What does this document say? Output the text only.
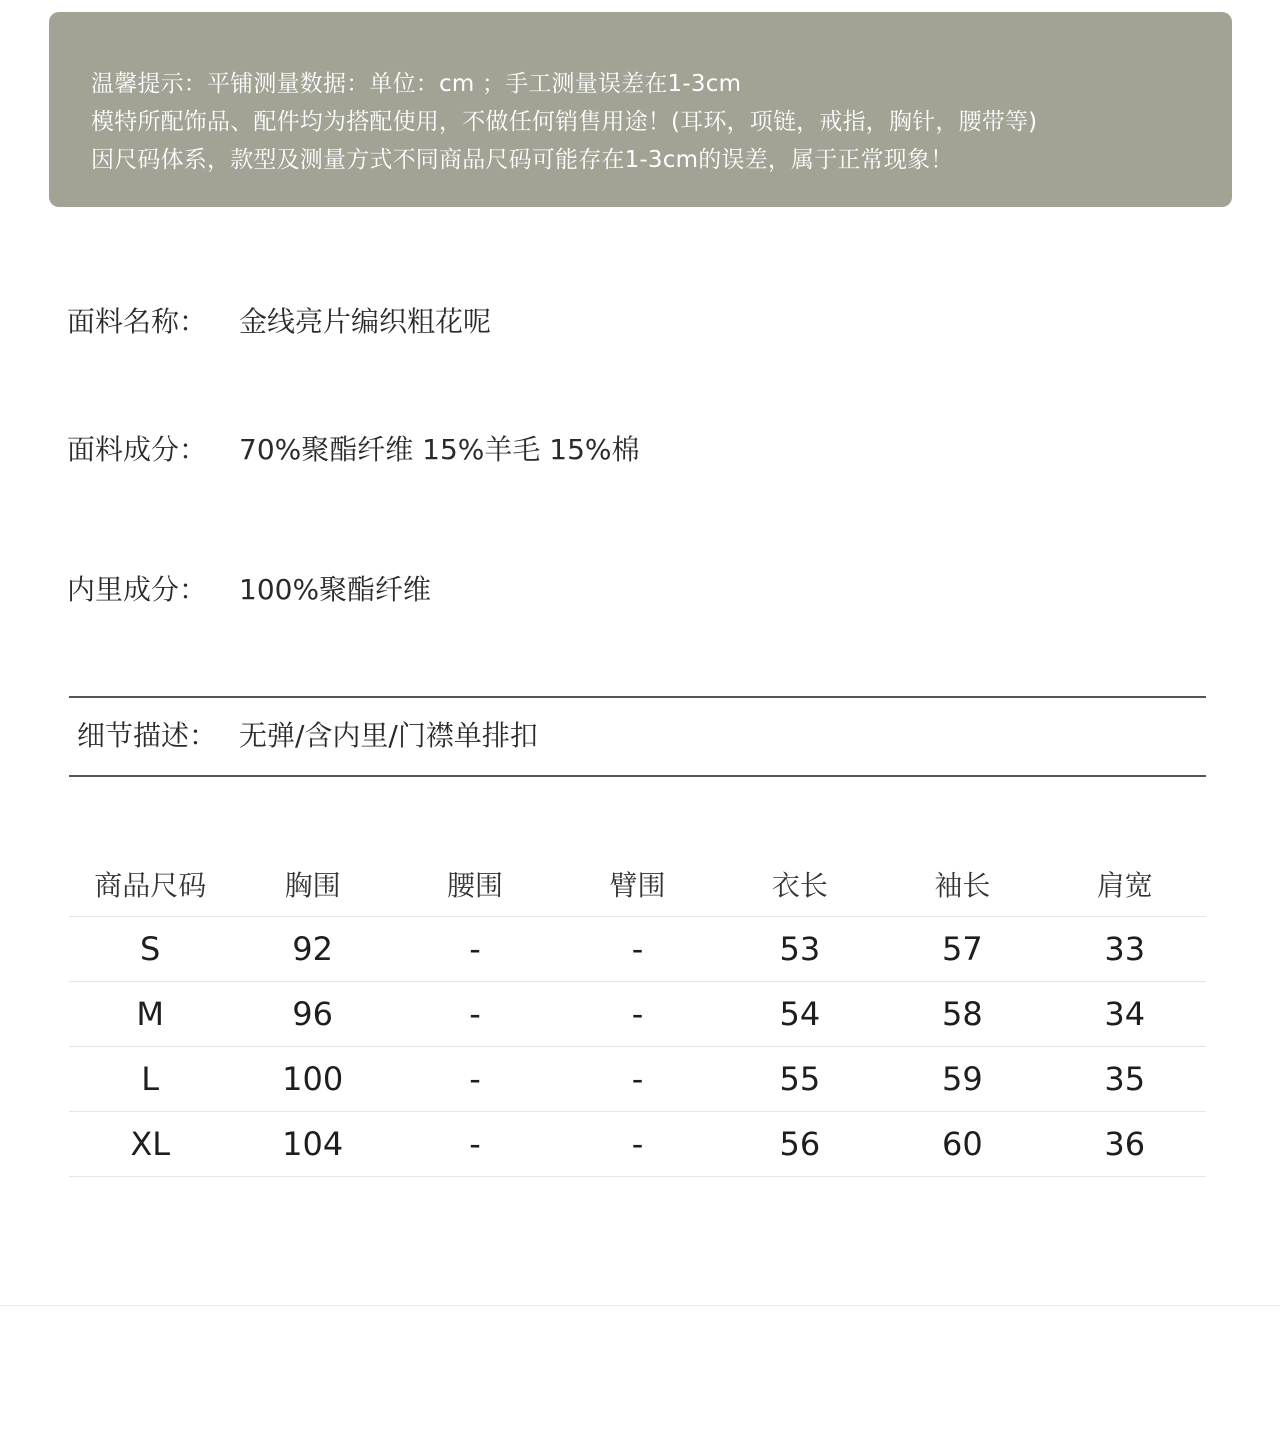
温馨提示：平铺测量数据：单位：cm ；手工测量误差在1-3cm
模特所配饰品、配件均为搭配使用，不做任何销售用途！(耳环，项链，戒指，胸针，腰带等)
因尺码体系，款型及测量方式不同商品尺码可能存在1-3cm的误差，属于正常现象！
面料名称： 金线亮片编织粗花呢
面料成分： 70%聚酯纤维 15%羊毛 15%棉
内里成分： 100%聚酯纤维
细节描述： 无弹/含内里/门襟单排扣
商品尺码	胸围	腰围	臂围	衣长	袖长	肩宽
S	92	-	-	53	57	33
M	96	-	-	54	58	34
L	100	-	-	55	59	35
XL	104	-	-	56	60	36
